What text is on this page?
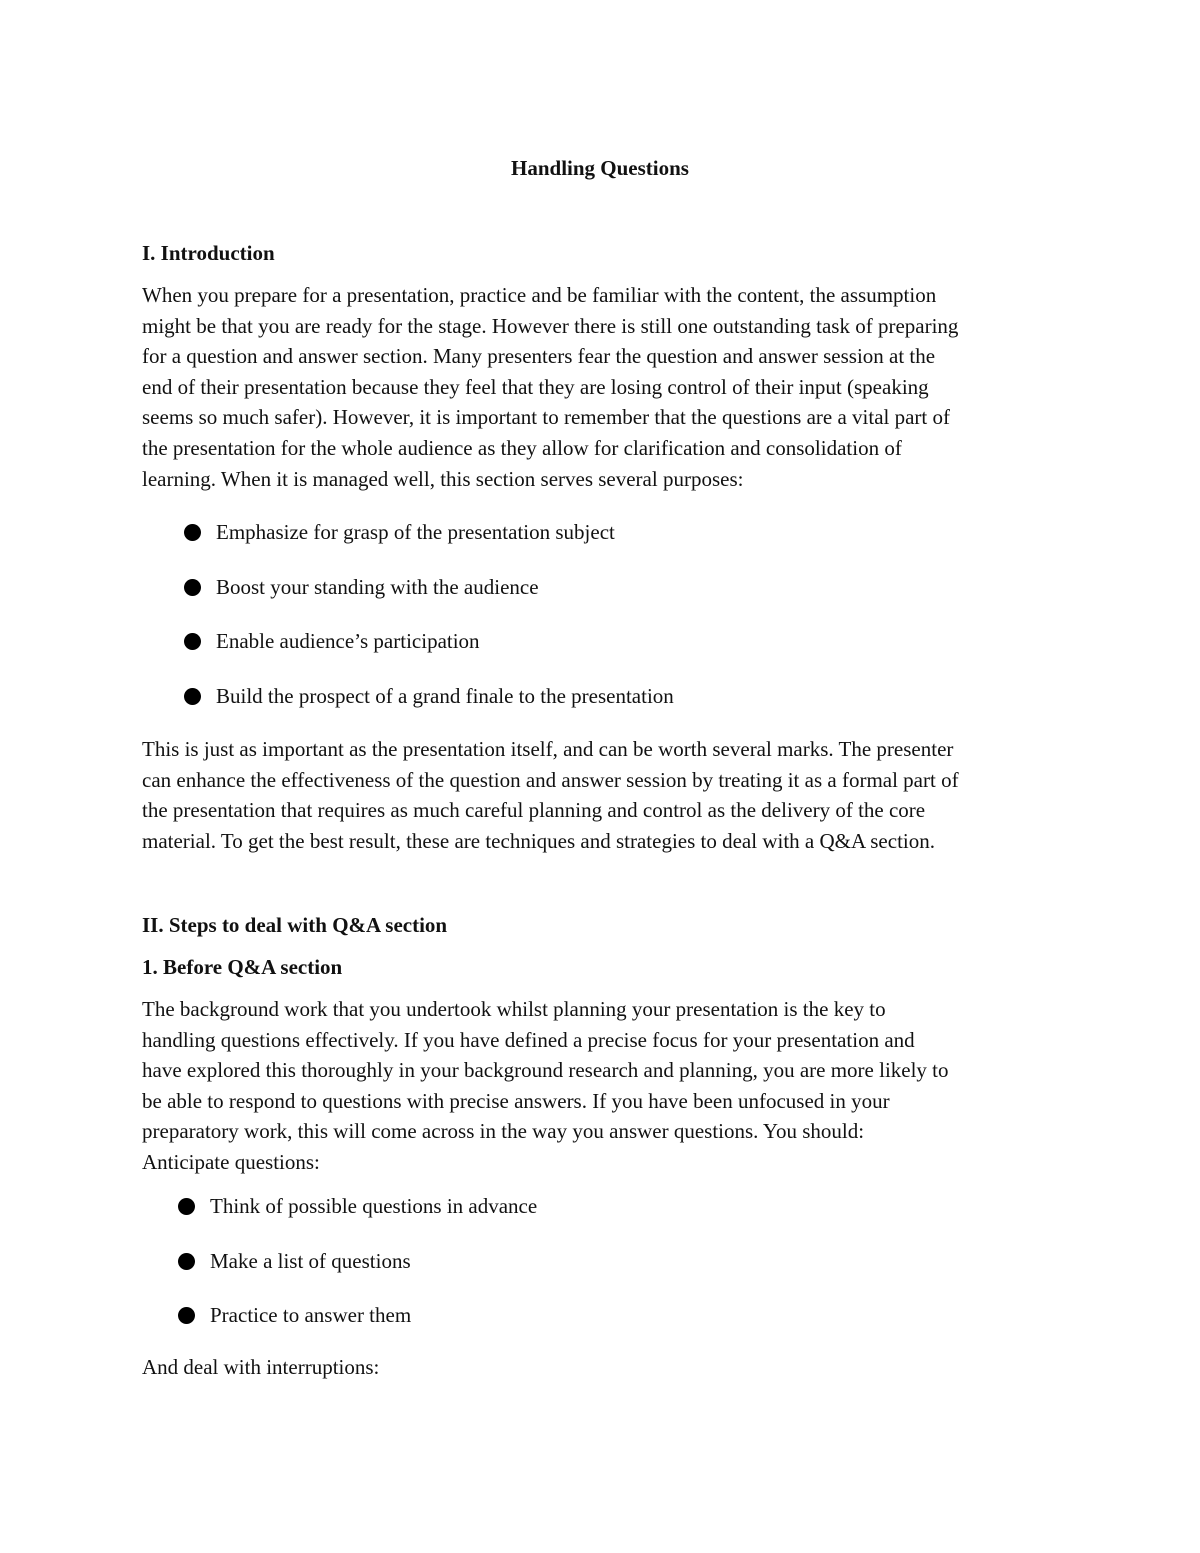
Handling Questions
I. Introduction
When you prepare for a presentation, practice and be familiar with the content, the assumption
might be that you are ready for the stage. However there is still one outstanding task of preparing
for a question and answer section. Many presenters fear the question and answer session at the
end of their presentation because they feel that they are losing control of their input (speaking
seems so much safer). However, it is important to remember that the questions are a vital part of
the presentation for the whole audience as they allow for clarification and consolidation of
learning. When it is managed well, this section serves several purposes:
Emphasize for grasp of the presentation subject
Boost your standing with the audience
Enable audience’s participation
Build the prospect of a grand finale to the presentation
This is just as important as the presentation itself, and can be worth several marks. The presenter
can enhance the effectiveness of the question and answer session by treating it as a formal part of
the presentation that requires as much careful planning and control as the delivery of the core
material. To get the best result, these are techniques and strategies to deal with a Q&A section.
II. Steps to deal with Q&A section
1. Before Q&A section
The background work that you undertook whilst planning your presentation is the key to
handling questions effectively. If you have defined a precise focus for your presentation and
have explored this thoroughly in your background research and planning, you are more likely to
be able to respond to questions with precise answers. If you have been unfocused in your
preparatory work, this will come across in the way you answer questions. You should:
Anticipate questions:
Think of possible questions in advance
Make a list of questions
Practice to answer them
And deal with interruptions:
